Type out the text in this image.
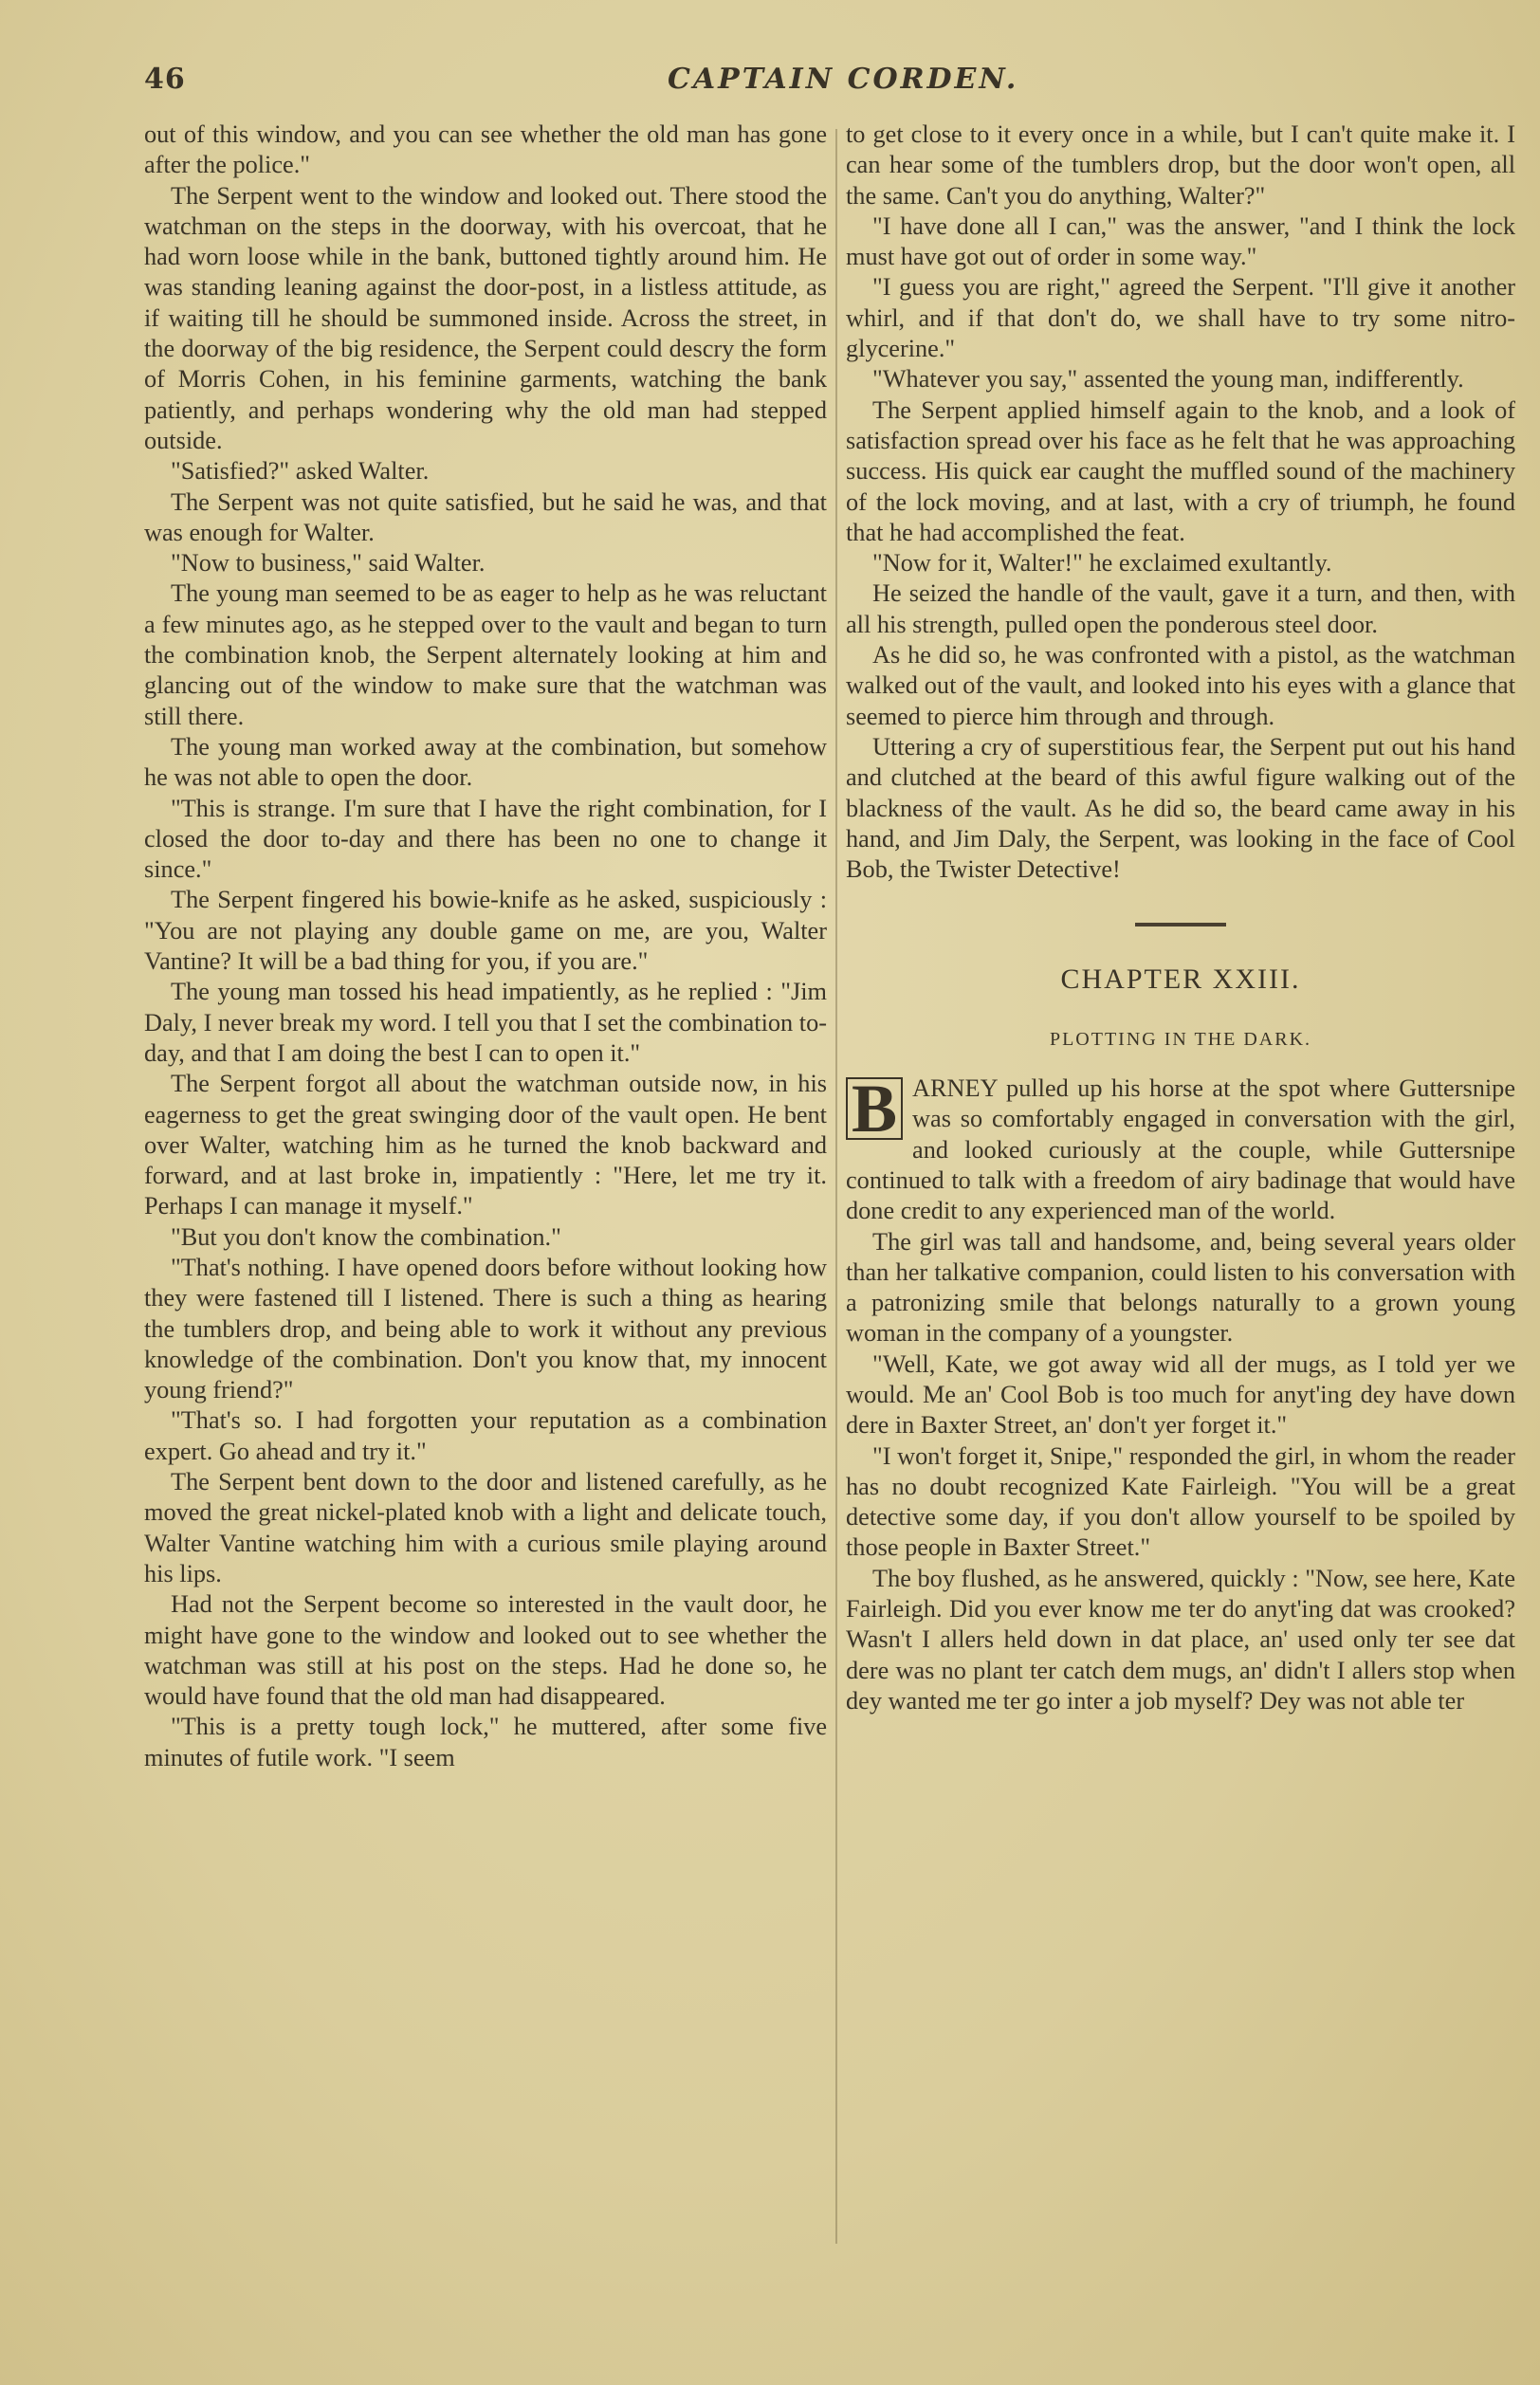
46	CAPTAIN CORDEN.

out of this window, and you can see whether the old man has gone after the police."

The Serpent went to the window and looked out. There stood the watchman on the steps in the doorway, with his overcoat, that he had worn loose while in the bank, buttoned tightly around him. He was standing leaning against the door-post, in a listless attitude, as if waiting till he should be summoned inside. Across the street, in the doorway of the big residence, the Serpent could descry the form of Morris Cohen, in his feminine garments, watching the bank patiently, and perhaps wondering why the old man had stepped outside.

"Satisfied?" asked Walter.

The Serpent was not quite satisfied, but he said he was, and that was enough for Walter.

"Now to business," said Walter.

The young man seemed to be as eager to help as he was reluctant a few minutes ago, as he stepped over to the vault and began to turn the combination knob, the Serpent alternately looking at him and glancing out of the window to make sure that the watchman was still there.

The young man worked away at the combination, but somehow he was not able to open the door.

"This is strange. I'm sure that I have the right combination, for I closed the door to-day and there has been no one to change it since."

The Serpent fingered his bowie-knife as he asked, suspiciously : "You are not playing any double game on me, are you, Walter Vantine? It will be a bad thing for you, if you are."

The young man tossed his head impatiently, as he replied : "Jim Daly, I never break my word. I tell you that I set the combination to-day, and that I am doing the best I can to open it."

The Serpent forgot all about the watchman outside now, in his eagerness to get the great swinging door of the vault open. He bent over Walter, watching him as he turned the knob backward and forward, and at last broke in, impatiently : "Here, let me try it. Perhaps I can manage it myself."

"But you don't know the combination."

"That's nothing. I have opened doors before without looking how they were fastened till I listened. There is such a thing as hearing the tumblers drop, and being able to work it without any previous knowledge of the combination. Don't you know that, my innocent young friend?"

"That's so. I had forgotten your reputation as a combination expert. Go ahead and try it."

The Serpent bent down to the door and listened carefully, as he moved the great nickel-plated knob with a light and delicate touch, Walter Vantine watching him with a curious smile playing around his lips.

Had not the Serpent become so interested in the vault door, he might have gone to the window and looked out to see whether the watchman was still at his post on the steps. Had he done so, he would have found that the old man had disappeared.

"This is a pretty tough lock," he muttered, after some five minutes of futile work. "I seem

to get close to it every once in a while, but I can't quite make it. I can hear some of the tumblers drop, but the door won't open, all the same. Can't you do anything, Walter?"

"I have done all I can," was the answer, "and I think the lock must have got out of order in some way."

"I guess you are right," agreed the Serpent. "I'll give it another whirl, and if that don't do, we shall have to try some nitro-glycerine."

"Whatever you say," assented the young man, indifferently.

The Serpent applied himself again to the knob, and a look of satisfaction spread over his face as he felt that he was approaching success. His quick ear caught the muffled sound of the machinery of the lock moving, and at last, with a cry of triumph, he found that he had accomplished the feat.

"Now for it, Walter!" he exclaimed exultantly.

He seized the handle of the vault, gave it a turn, and then, with all his strength, pulled open the ponderous steel door.

As he did so, he was confronted with a pistol, as the watchman walked out of the vault, and looked into his eyes with a glance that seemed to pierce him through and through.

Uttering a cry of superstitious fear, the Serpent put out his hand and clutched at the beard of this awful figure walking out of the blackness of the vault. As he did so, the beard came away in his hand, and Jim Daly, the Serpent, was looking in the face of Cool Bob, the Twister Detective!

CHAPTER XXIII.
PLOTTING IN THE DARK.

B ARNEY pulled up his horse at the spot where Guttersnipe was so comfortably engaged in conversation with the girl, and looked curiously at the couple, while Guttersnipe continued to talk with a freedom of airy badinage that would have done credit to any experienced man of the world.

The girl was tall and handsome, and, being several years older than her talkative companion, could listen to his conversation with a patronizing smile that belongs naturally to a grown young woman in the company of a youngster.

"Well, Kate, we got away wid all der mugs, as I told yer we would. Me an' Cool Bob is too much for anyt'ing dey have down dere in Baxter Street, an' don't yer forget it."

"I won't forget it, Snipe," responded the girl, in whom the reader has no doubt recognized Kate Fairleigh. "You will be a great detective some day, if you don't allow yourself to be spoiled by those people in Baxter Street."

The boy flushed, as he answered, quickly : "Now, see here, Kate Fairleigh. Did you ever know me ter do anyt'ing dat was crooked? Wasn't I allers held down in dat place, an' used only ter see dat dere was no plant ter catch dem mugs, an' didn't I allers stop when dey wanted me ter go inter a job myself? Dey was not able ter
